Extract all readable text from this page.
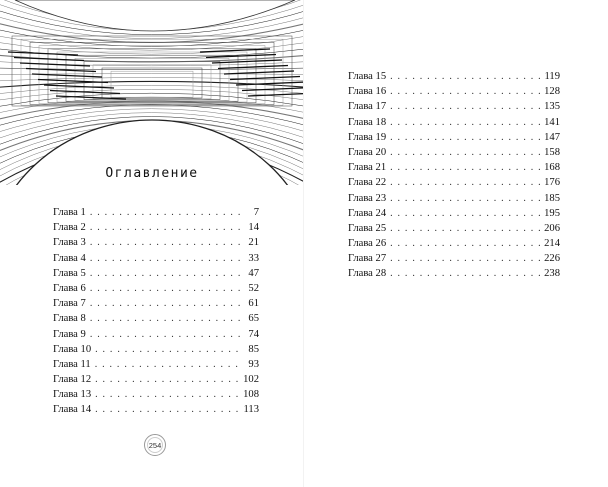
Оглавление
Глава 1 . . .	7
Глава 2 . . .	14
Глава 3 . . .	21
Глава 4 . . .	33
Глава 5 . . .	47
Глава 6 . . .	52
Глава 7 . . .	61
Глава 8 . . .	65
Глава 9 . . .	74
Глава 10 . . .	85
Глава 11 . . .	93
Глава 12 . . .	102
Глава 13 . . .	108
Глава 14 . . .	113
254
Глава 15 . . .	119
Глава 16 . . .	128
Глава 17 . . .	135
Глава 18 . . .	141
Глава 19 . . .	147
Глава 20 . . .	158
Глава 21 . . .	168
Глава 22 . . .	176
Глава 23 . . .	185
Глава 24 . . .	195
Глава 25 . . .	206
Глава 26 . . .	214
Глава 27 . . .	226
Глава 28 . . .	238
